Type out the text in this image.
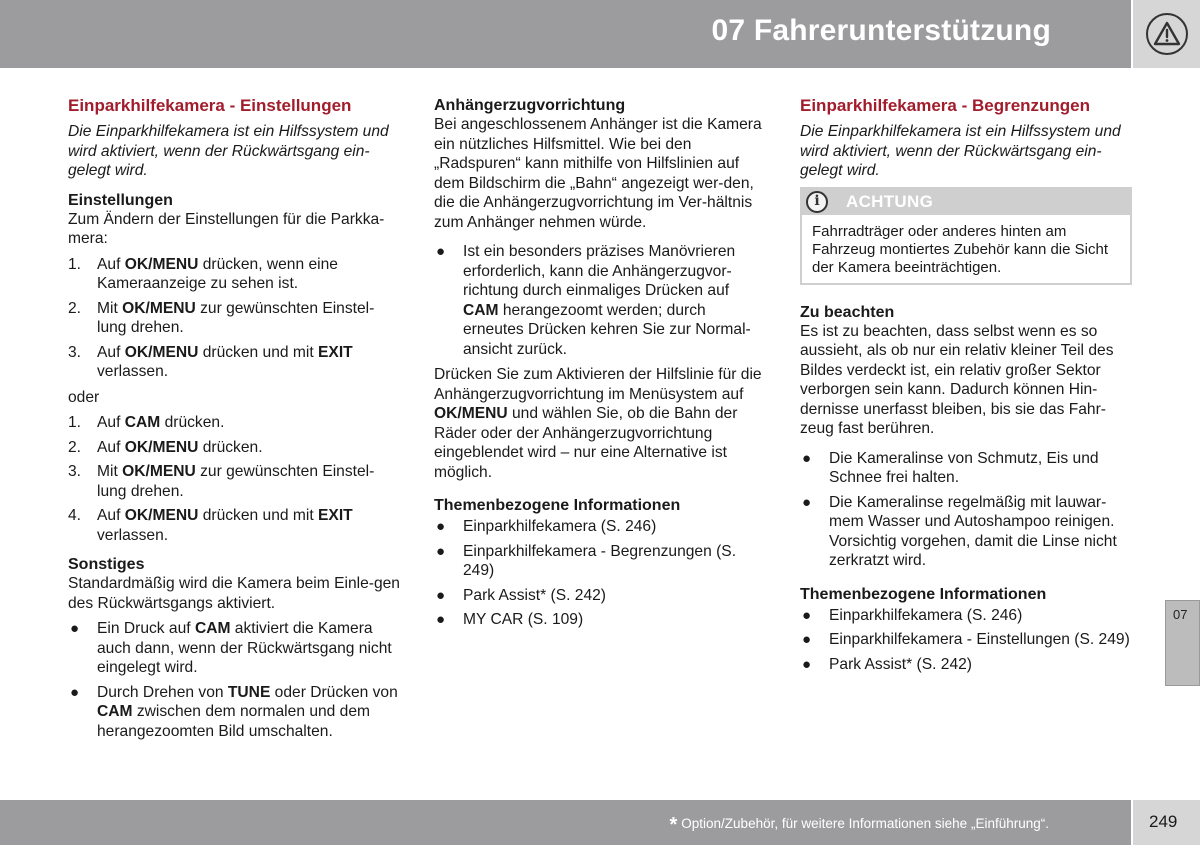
07 Fahrerunterstützung
Einparkhilfekamera - Einstellungen

Die Einparkhilfekamera ist ein Hilfssystem und wird aktiviert, wenn der Rückwärtsgang ein-gelegt wird.

Einstellungen

Zum Ändern der Einstellungen für die Parkka-mera:

1. Auf OK/MENU drücken, wenn eine Kameraanzeige zu sehen ist.
2. Mit OK/MENU zur gewünschten Einstel-lung drehen.
3. Auf OK/MENU drücken und mit EXIT verlassen.

oder

1. Auf CAM drücken.
2. Auf OK/MENU drücken.
3. Mit OK/MENU zur gewünschten Einstel-lung drehen.
4. Auf OK/MENU drücken und mit EXIT verlassen.
Sonstiges

Standardmäßig wird die Kamera beim Einle-gen des Rückwärtsgangs aktiviert.

● Ein Druck auf CAM aktiviert die Kamera auch dann, wenn der Rückwärtsgang nicht eingelegt wird.
● Durch Drehen von TUNE oder Drücken von CAM zwischen dem normalen und dem herangezoomten Bild umschalten.
Anhängerzugvorrichtung

Bei angeschlossenem Anhänger ist die Kamera ein nützliches Hilfsmittel. Wie bei den „Radspuren“ kann mithilfe von Hilfslinien auf dem Bildschirm die „Bahn“ angezeigt wer-den, die die Anhängerzugvorrichtung im Ver-hältnis zum Anhänger nehmen würde.

● Ist ein besonders präzises Manövrieren erforderlich, kann die Anhängerzugvor-richtung durch einmaliges Drücken auf CAM herangezoomt werden; durch erneutes Drücken kehren Sie zur Normal-ansicht zurück.

Drücken Sie zum Aktivieren der Hilfslinie für die Anhängerzugvorrichtung im Menüsystem auf OK/MENU und wählen Sie, ob die Bahn der Räder oder der Anhängerzugvorrichtung eingeblendet wird – nur eine Alternative ist möglich.

Themenbezogene Informationen
● Einparkhilfekamera (S. 246)
● Einparkhilfekamera - Begrenzungen (S. 249)
● Park Assist* (S. 242)
● MY CAR (S. 109)
Einparkhilfekamera - Begrenzungen

Die Einparkhilfekamera ist ein Hilfssystem und wird aktiviert, wenn der Rückwärtsgang ein-gelegt wird.

i	ACHTUNG
Fahrradträger oder anderes hinten am Fahrzeug montiertes Zubehör kann die Sicht der Kamera beeinträchtigen.
Zu beachten

Es ist zu beachten, dass selbst wenn es so aussieht, als ob nur ein relativ kleiner Teil des Bildes verdeckt ist, ein relativ großer Sektor verborgen sein kann. Dadurch können Hin-dernisse unerfasst bleiben, bis sie das Fahr-zeug fast berühren.

● Die Kameralinse von Schmutz, Eis und Schnee frei halten.
● Die Kameralinse regelmäßig mit lauwar-mem Wasser und Autoshampoo reinigen. Vorsichtig vorgehen, damit die Linse nicht zerkratzt wird.
Themenbezogene Informationen
● Einparkhilfekamera (S. 246)
● Einparkhilfekamera - Einstellungen (S. 249)
● Park Assist* (S. 242)
07
* Option/Zubehör, für weitere Informationen siehe „Einführung“.	249
